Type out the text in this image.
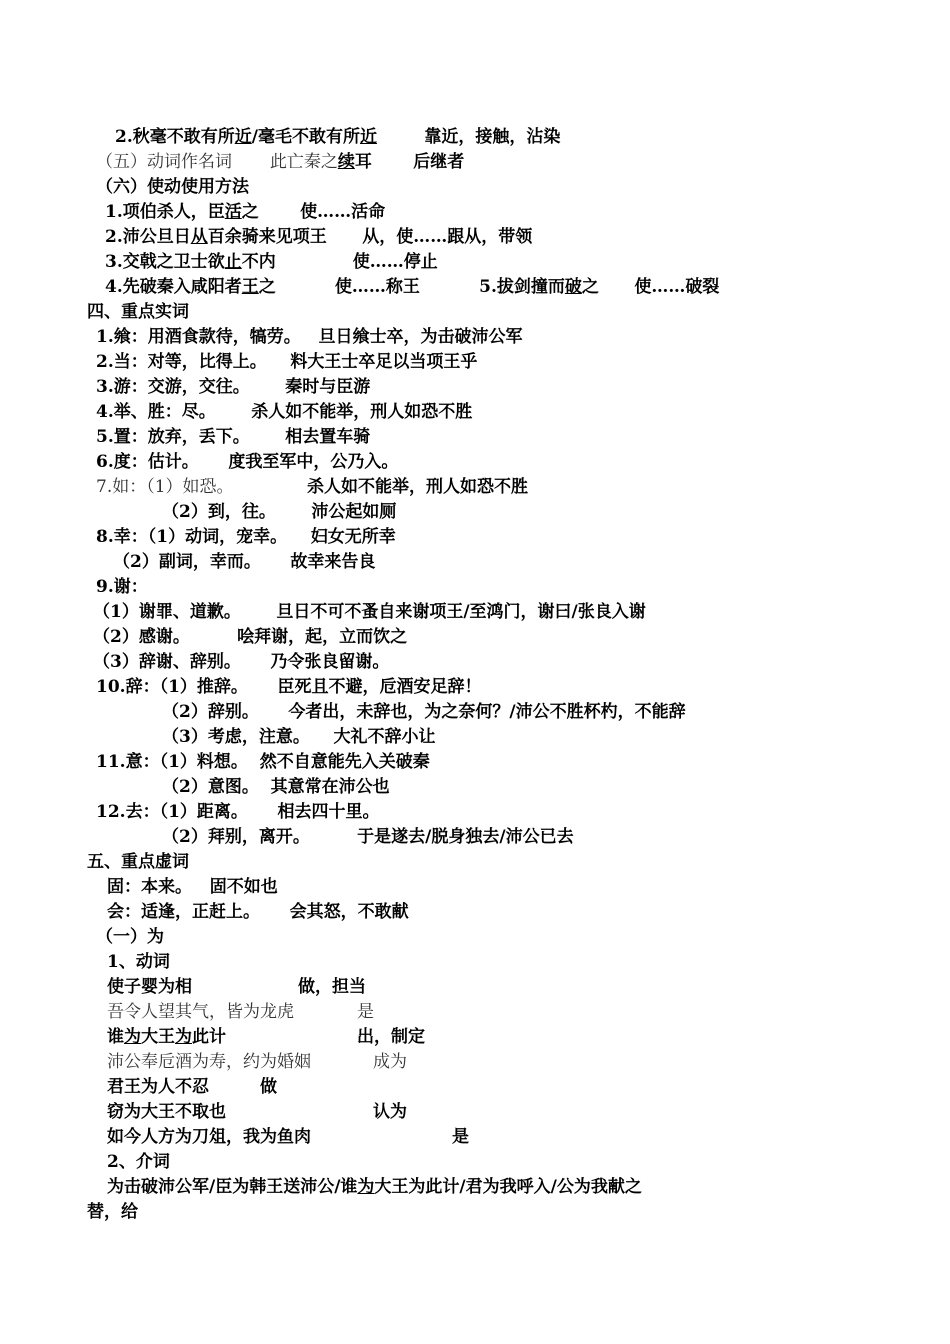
2.秋毫不敢有所近/毫毛不敢有所近        靠近，接触，沾染
（五）动词作名词       此亡秦之续耳       后继者
（六）使动使用方法
1.项伯杀人，臣活之       使……活命
2.沛公旦日从百余骑来见项王      从，使……跟从，带领
3.交戟之卫士欲止不内             使……停止
4.先破秦入咸阳者王之          使……称王          5.拔剑撞而破之      使……破裂
四、重点实词
1.飨：用酒食款待，犒劳。   旦日飨士卒，为击破沛公军
2.当：对等，比得上。    料大王士卒足以当项王乎
3.游：交游，交往。      秦时与臣游
4.举、胜：尽。      杀人如不能举，刑人如恐不胜
5.置：放弃，丢下。      相去置车骑
6.度：估计。     度我至军中，公乃入。
7.如：（1）如恐。	杀人如不能举，刑人如恐不胜
（2）到，往。      沛公起如厕
8.幸：（1）动词，宠幸。    妇女无所幸
（2）副词，幸而。     故幸来告良
9.谢：
（1）谢罪、道歉。      旦日不可不蚤自来谢项王/至鸿门，谢曰/张良入谢
（2）感谢。        哙拜谢，起，立而饮之
（3）辞谢、辞别。     乃令张良留谢。
10.辞：（1）推辞。     臣死且不避，卮酒安足辞！
（2）辞别。     今者出，未辞也，为之奈何？/沛公不胜杯杓，不能辞
（3）考虑，注意。    大礼不辞小让
11.意：（1）料想。  然不自意能先入关破秦
（2）意图。  其意常在沛公也
12.去：（1）距离。     相去四十里。
（2）拜别，离开。        于是遂去/脱身独去/沛公已去
五、重点虚词
固：本来。   固不如也
会：适逢，正赶上。     会其怒，不敢献
（一）为
1、动词
使子婴为相	做，担当
吾令人望其气，皆为龙虎	是
谁为大王为此计	出，制定
沛公奉卮酒为寿，约为婚姻	成为
君王为人不忍	做
窃为大王不取也	认为
如今人方为刀俎，我为鱼肉	是
2、介词
为击破沛公军/臣为韩王送沛公/谁为大王为此计/君为我呼入/公为我献之
替，给
